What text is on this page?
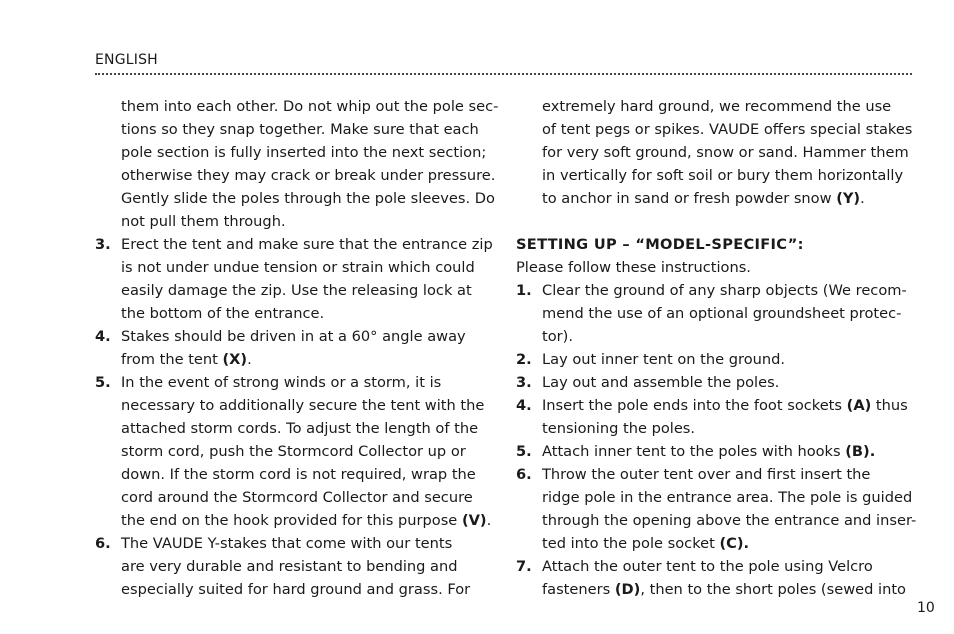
ENGLISH
them into each other. Do not whip out the pole sec-
tions so they snap together. Make sure that each
pole section is fully inserted into the next section;
otherwise they may crack or break under pressure.
Gently slide the poles through the pole sleeves. Do
not pull them through.
3. Erect the tent and make sure that the entrance zip
is not under undue tension or strain which could
easily damage the zip. Use the releasing lock at
the bottom of the entrance.
4. Stakes should be driven in at a 60° angle away
from the tent (X).
5. In the event of strong winds or a storm, it is
necessary to additionally secure the tent with the
attached storm cords. To adjust the length of the
storm cord, push the Stormcord Collector up or
down. If the storm cord is not required, wrap the
cord around the Stormcord Collector and secure
the end on the hook provided for this purpose (V).
6. The VAUDE Y-stakes that come with our tents
are very durable and resistant to bending and
especially suited for hard ground and grass. For
extremely hard ground, we recommend the use
of tent pegs or spikes. VAUDE offers special stakes
for very soft ground, snow or sand. Hammer them
in vertically for soft soil or bury them horizontally
to anchor in sand or fresh powder snow (Y).
SETTING UP – “MODEL-SPECIFIC”:
Please follow these instructions.
1. Clear the ground of any sharp objects (We recom-
mend the use of an optional groundsheet protec-
tor).
2. Lay out inner tent on the ground.
3. Lay out and assemble the poles.
4. Insert the pole ends into the foot sockets (A) thus
tensioning the poles.
5. Attach inner tent to the poles with hooks (B).
6. Throw the outer tent over and first insert the
ridge pole in the entrance area. The pole is guided
through the opening above the entrance and inser-
ted into the pole socket (C).
7. Attach the outer tent to the pole using Velcro
fasteners (D), then to the short poles (sewed into
10
